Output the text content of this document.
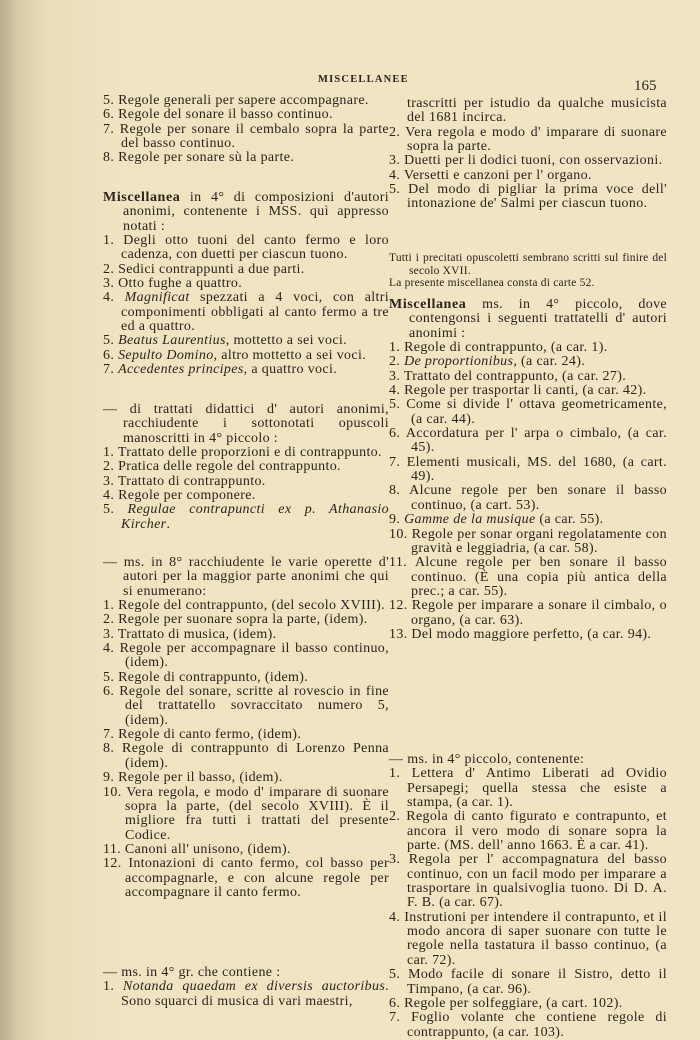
MISCELLANEE	165
5. Regole generali per sapere accompagnare.
6. Regole del sonare il basso continuo.
7. Regole per sonare il cembalo sopra la parte del basso continuo.
8. Regole per sonare sù la parte.
Miscellanea in 4° di composizioni d'autori anonimi, contenente i MSS. quì appresso notati :
1. Degli otto tuoni del canto fermo e loro cadenza, con duetti per ciascun tuono.
2. Sedici contrappunti a due parti.
3. Otto fughe a quattro.
4. Magnificat spezzati a 4 voci, con altri componimenti obbligati al canto fermo a tre ed a quattro.
5. Beatus Laurentius, mottetto a sei voci.
6. Sepulto Domino, altro mottetto a sei voci.
7. Accedentes principes, a quattro voci.
— di trattati didattici d' autori anonimi, racchiudente i sottonotati opuscoli manoscritti in 4° piccolo :
1. Trattato delle proporzioni e di contrappunto.
2. Pratica delle regole del contrappunto.
3. Trattato di contrappunto.
4. Regole per componere.
5. Regulae contrapuncti ex p. Athanasio Kircher.
— ms. in 8° racchiudente le varie operette d' autori per la maggior parte anonimi che qui si enumerano:
1. Regole del contrappunto, (del secolo XVIII).
2. Regole per suonare sopra la parte, (idem).
3. Trattato di musica, (idem).
4. Regole per accompagnare il basso continuo, (idem).
5. Regole di contrappunto, (idem).
6. Regole del sonare, scritte al rovescio in fine del trattatello sovraccitato numero 5, (idem).
7. Regole di canto fermo, (idem).
8. Regole di contrappunto di Lorenzo Penna (idem).
9. Regole per il basso, (idem).
10. Vera regola, e modo d' imparare di suonare sopra la parte, (del secolo XVIII). È il migliore fra tutti i trattati del presente Codice.
11. Canoni all' unisono, (idem).
12. Intonazioni di canto fermo, col basso per accompagnarle, e con alcune regole per accompagnare il canto fermo.
— ms. in 4° gr. che contiene :
1. Notanda quaedam ex diversis auctoribus. Sono squarci di musica di vari maestri,
trascritti per istudio da qualche musicista del 1681 incirca.
2. Vera regola e modo d' imparare di suonare sopra la parte.
3. Duetti per li dodici tuoni, con osservazioni.
4. Versetti e canzoni per l' organo.
5. Del modo di pigliar la prima voce dell' intonazione de' Salmi per ciascun tuono.
Tutti i precitati opuscoletti sembrano scritti sul finire del secolo XVII.
La presente miscellanea consta di carte 52.
Miscellanea ms. in 4° piccolo, dove contengonsi i seguenti trattatelli d' autori anonimi :
1. Regole di contrappunto, (a car. 1).
2. De proportionibus, (a car. 24).
3. Trattato del contrappunto, (a car. 27).
4. Regole per trasportar li canti, (a car. 42).
5. Come si divide l' ottava geometricamente, (a car. 44).
6. Accordatura per l' arpa o cimbalo, (a car. 45).
7. Elementi musicali, MS. del 1680, (a cart. 49).
8. Alcune regole per ben sonare il basso continuo, (a cart. 53).
9. Gamme de la musique (a car. 55).
10. Regole per sonar organi regolatamente con gravità e leggiadria, (a car. 58).
11. Alcune regole per ben sonare il basso continuo. (È una copia più antica della prec.; a car. 55).
12. Regole per imparare a sonare il cimbalo, o organo, (a car. 63).
13. Del modo maggiore perfetto, (a car. 94).
— ms. in 4° piccolo, contenente:
1. Lettera d' Antimo Liberati ad Ovidio Persapegi; quella stessa che esiste a stampa, (a car. 1).
2. Regola di canto figurato e contrapunto, et ancora il vero modo di sonare sopra la parte. (MS. dell' anno 1663. È a car. 41).
3. Regola per l' accompagnatura del basso continuo, con un facil modo per imparare a trasportare in qualsivoglia tuono. Di D. A. F. B. (a car. 67).
4. Instrutioni per intendere il contrapunto, et il modo ancora di saper suonare con tutte le regole nella tastatura il basso continuo, (a car. 72).
5. Modo facile di sonare il Sistro, detto il Timpano, (a car. 96).
6. Regole per solfeggiare, (a cart. 102).
7. Foglio volante che contiene regole di contrappunto, (a car. 103).
